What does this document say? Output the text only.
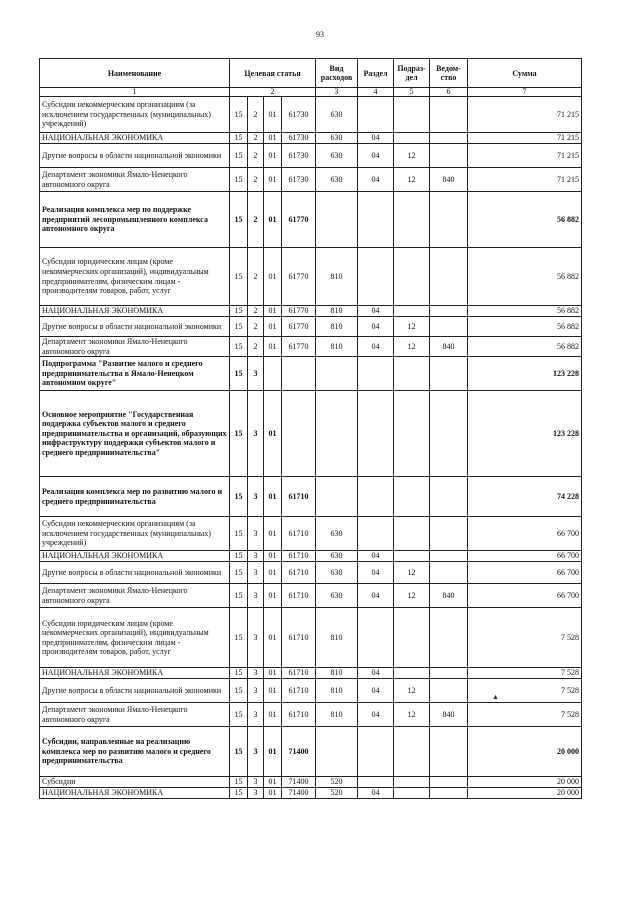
93
Наименование	Целевая статья				Вид расходов	Раздел	Подраз- дел	Ведом- ство	Сумма
1	2				3	4	5	6	7
Субсидии некоммерческим организациям (за исключением государственных (муниципальных) учреждений)	15	2	01	61730	630				71 215
НАЦИОНАЛЬНАЯ ЭКОНОМИКА	15	2	01	61730	630	04			71 215
Другие вопросы в области национальной экономики	15	2	01	61730	630	04	12		71 215
Департамент экономики Ямало-Ненецкого автономного округа	15	2	01	61730	630	04	12	840	71 215
Реализация комплекса мер по поддержке предприятий лесопромышленного комплекса автономного округа	15	2	01	61770					56 882
Субсидии юридическим лицам (кроме некоммерческих организаций), индивидуальным предпринимателям, физическим лицам - производителям товаров, работ, услуг	15	2	01	61770	810				56 882
НАЦИОНАЛЬНАЯ ЭКОНОМИКА	15	2	01	61770	810	04			56 882
Другие вопросы в области национальной экономики	15	2	01	61770	810	04	12		56 882
Департамент экономики Ямало-Ненецкого автономного округа	15	2	01	61770	810	04	12	840	56 882
Подпрограмма "Развитие малого и среднего предпринимательства в Ямало-Ненецком автономном округе"	15	3							123 228
Основное мероприятие "Государственная поддержка субъектов малого и среднего предпринимательства и организаций, образующих инфраструктуру поддержки субъектов малого и среднего предпринимательства"	15	3	01						123 228
Реализация комплекса мер по развитию малого и среднего предпринимательства	15	3	01	61710					74 228
Субсидии некоммерческим организациям (за исключением государственных (муниципальных) учреждений)	15	3	01	61710	630				66 700
НАЦИОНАЛЬНАЯ ЭКОНОМИКА	15	3	01	61710	630	04			66 700
Другие вопросы в области национальной экономики	15	3	01	61710	630	04	12		66 700
Департамент экономики Ямало-Ненецкого автономного округа	15	3	01	61710	630	04	12	840	66 700
Субсидии юридическим лицам (кроме некоммерческих организаций), индивидуальным предпринимателям, физическим лицам - производителям товаров, работ, услуг	15	3	01	61710	810				7 528
НАЦИОНАЛЬНАЯ ЭКОНОМИКА	15	3	01	61710	810	04			7 528
Другие вопросы в области национальной экономики	15	3	01	61710	810	04	12		7 528
Департамент экономики Ямало-Ненецкого автономного округа	15	3	01	61710	810	04	12	840	7 528
Субсидии, направленные на реализацию комплекса мер по развитию малого и среднего предпринимательства	15	3	01	71400					20 000
Субсидии	15	3	01	71400	520				20 000
НАЦИОНАЛЬНАЯ ЭКОНОМИКА	15	3	01	71400	520	04			20 000
▲
